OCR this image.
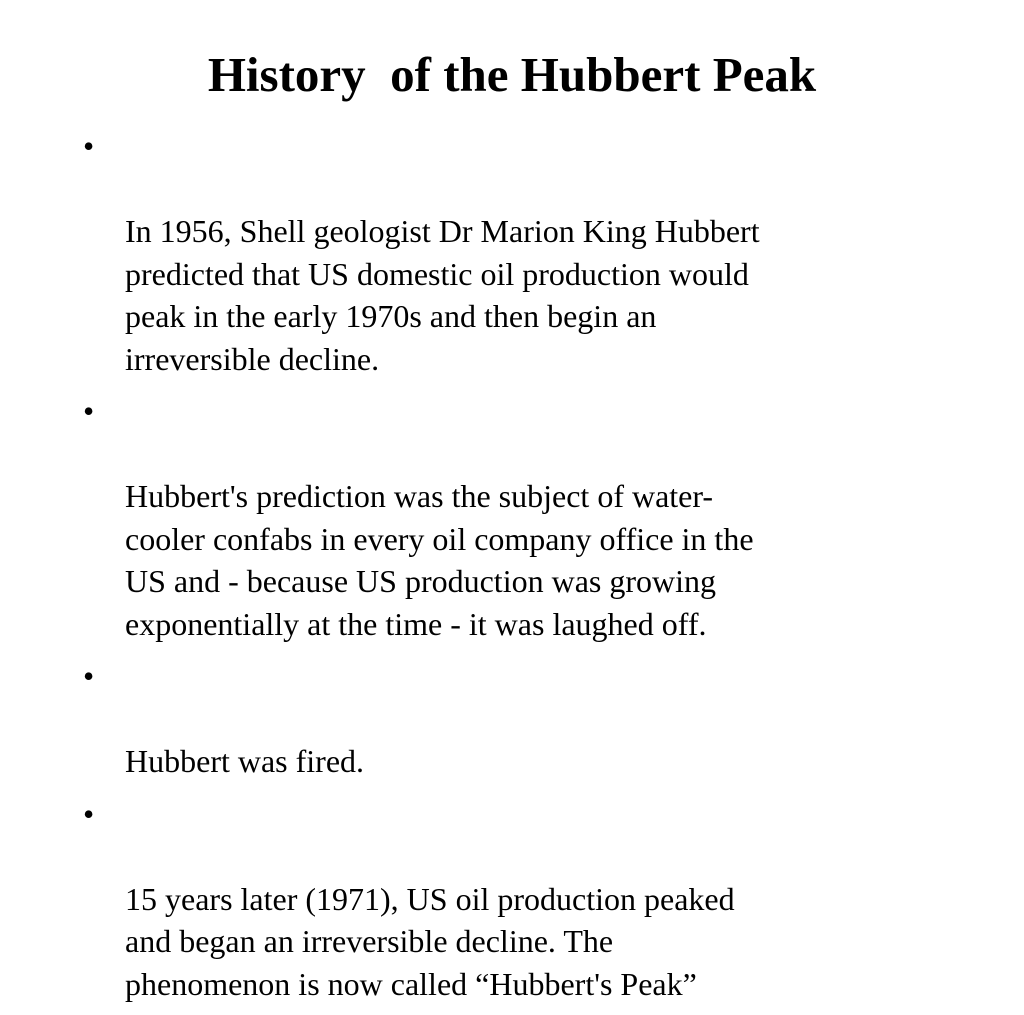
History  of the Hubbert Peak

•

In 1956, Shell geologist Dr Marion King Hubbert
predicted that US domestic oil production would
peak in the early 1970s and then begin an
irreversible decline.

•

Hubbert's prediction was the subject of water-
cooler confabs in every oil company office in the
US and - because US production was growing
exponentially at the time - it was laughed off.

•

Hubbert was fired.

•

15 years later (1971), US oil production peaked
and began an irreversible decline. The
phenomenon is now called “Hubbert's Peak”
